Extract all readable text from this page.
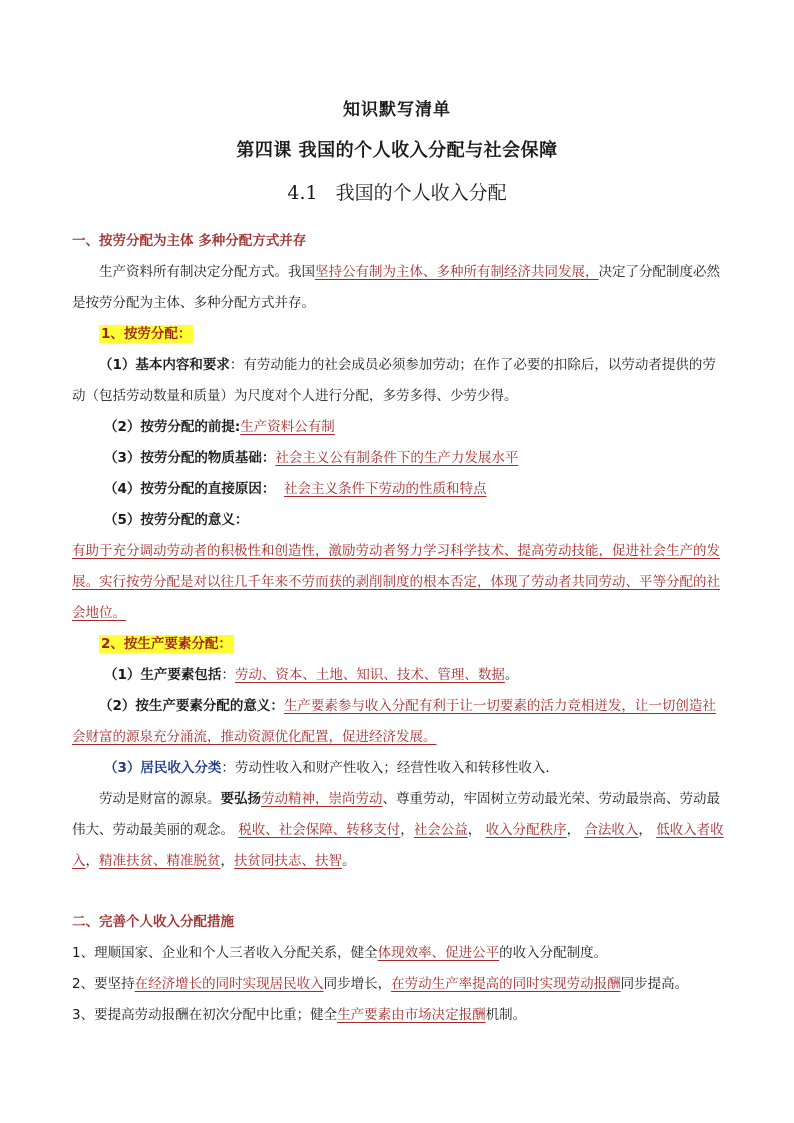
知识默写清单
第四课 我国的个人收入分配与社会保障
4.1 我国的个人收入分配

一、按劳分配为主体 多种分配方式并存

生产资料所有制决定分配方式。我国坚持公有制为主体、多种所有制经济共同发展，决定了分配制度必然是按劳分配为主体、多种分配方式并存。

1、按劳分配：

（1）基本内容和要求：有劳动能力的社会成员必须参加劳动；在作了必要的扣除后，以劳动者提供的劳动（包括劳动数量和质量）为尺度对个人进行分配，多劳多得、少劳少得。

（2）按劳分配的前提:生产资料公有制

（3）按劳分配的物质基础：社会主义公有制条件下的生产力发展水平

（4）按劳分配的直接原因： 社会主义条件下劳动的性质和特点

（5）按劳分配的意义：

有助于充分调动劳动者的积极性和创造性，激励劳动者努力学习科学技术、提高劳动技能，促进社会生产的发展。实行按劳分配是对以往几千年来不劳而获的剥削制度的根本否定，体现了劳动者共同劳动、平等分配的社会地位。

2、按生产要素分配：

（1）生产要素包括：劳动、资本、土地、知识、技术、管理、数据。

（2）按生产要素分配的意义：生产要素参与收入分配有利于让一切要素的活力竞相迸发，让一切创造社会财富的源泉充分涌流，推动资源优化配置，促进经济发展。

（3）居民收入分类：劳动性收入和财产性收入；经营性收入和转移性收入.

劳动是财富的源泉。要弘扬劳动精神，崇尚劳动、尊重劳动，牢固树立劳动最光荣、劳动最崇高、劳动最伟大、劳动最美丽的观念。 税收、社会保障、转移支付，社会公益， 收入分配秩序， 合法收入， 低收入者收入，精准扶贫、精准脱贫，扶贫同扶志、扶智。

二、完善个人收入分配措施

1、理顺国家、企业和个人三者收入分配关系，健全体现效率、促进公平的收入分配制度。

2、要坚持在经济增长的同时实现居民收入同步增长，在劳动生产率提高的同时实现劳动报酬同步提高。

3、要提高劳动报酬在初次分配中比重；健全生产要素由市场决定报酬机制。
